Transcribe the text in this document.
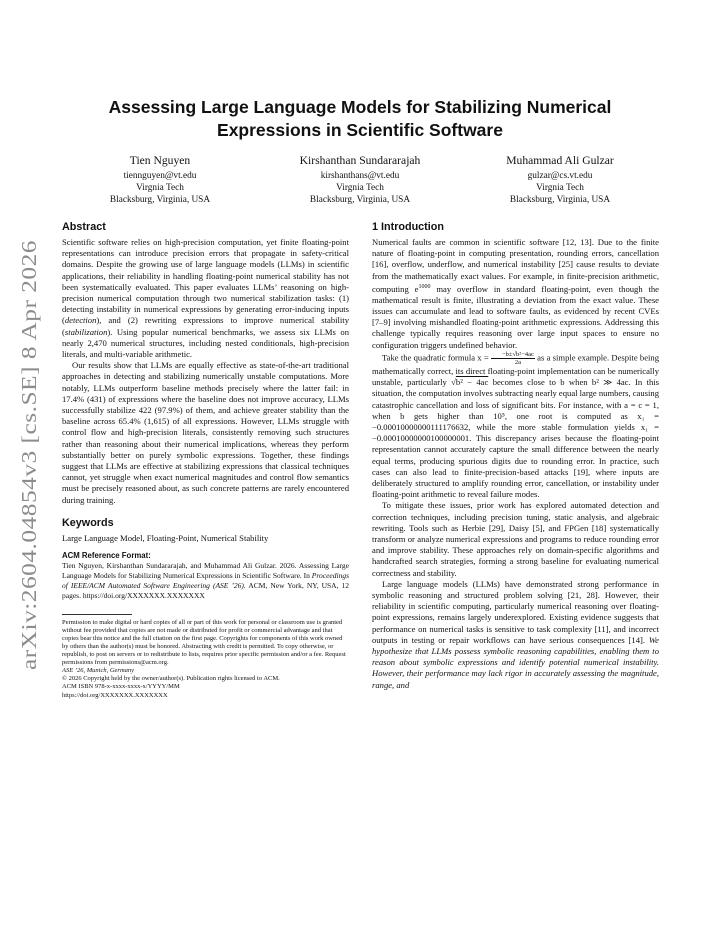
arXiv:2604.04854v3 [cs.SE] 8 Apr 2026
Assessing Large Language Models for Stabilizing Numerical
Expressions in Scientific Software
Tien Nguyen
tiennguyen@vt.edu
Virgnia Tech
Blacksburg, Virginia, USA
Kirshanthan Sundararajah
kirshanthans@vt.edu
Virgnia Tech
Blacksburg, Virginia, USA
Muhammad Ali Gulzar
gulzar@cs.vt.edu
Virgnia Tech
Blacksburg, Virginia, USA
Abstract

Scientific software relies on high-precision computation, yet finite floating-point representations can introduce precision errors that propagate in safety-critical domains. Despite the growing use of large language models (LLMs) in scientific applications, their reliability in handling floating-point numerical stability has not been systematically evaluated. This paper evaluates LLMs’ reasoning on high-precision numerical computation through two numerical stabilization tasks: (1) detecting instability in numerical expressions by generating error-inducing inputs (detection), and (2) rewriting expressions to improve numerical stability (stabilization). Using popular numerical benchmarks, we assess six LLMs on nearly 2,470 numerical structures, including nested conditionals, high-precision literals, and multi-variable arithmetic.

Our results show that LLMs are equally effective as state-of-the-art traditional approaches in detecting and stabilizing numerically unstable computations. More notably, LLMs outperform baseline methods precisely where the latter fail: in 17.4% (431) of expressions where the baseline does not improve accuracy, LLMs successfully stabilize 422 (97.9%) of them, and achieve greater stability than the baseline across 65.4% (1,615) of all expressions. However, LLMs struggle with control flow and high-precision literals, consistently removing such structures rather than reasoning about their numerical implications, whereas they perform substantially better on purely symbolic expressions. Together, these findings suggest that LLMs are effective at stabilizing expressions that classical techniques cannot, yet struggle when exact numerical magnitudes and control flow semantics must be precisely reasoned about, as such concrete patterns are rarely encountered during training.

Keywords

Large Language Model, Floating-Point, Numerical Stability

ACM Reference Format:

Tien Nguyen, Kirshanthan Sundararajah, and Muhammad Ali Gulzar. 2026. Assessing Large Language Models for Stabilizing Numerical Expressions in Scientific Software. In Proceedings of IEEE/ACM Automated Software Engineering (ASE ’26). ACM, New York, NY, USA, 12 pages. https://doi.org/XXXXXXX.XXXXXXX

Permission to make digital or hard copies of all or part of this work for personal or classroom use is granted without fee provided that copies are not made or distributed for profit or commercial advantage and that copies bear this notice and the full citation on the first page. Copyrights for components of this work owned by others than the author(s) must be honored. Abstracting with credit is permitted. To copy otherwise, or republish, to post on servers or to redistribute to lists, requires prior specific permission and/or a fee. Request permissions from permissions@acm.org.

ASE ’26, Munich, Germany

© 2026 Copyright held by the owner/author(s). Publication rights licensed to ACM.

ACM ISBN 978-x-xxxx-xxxx-x/YYYY/MM

https://doi.org/XXXXXXX.XXXXXXX

1 Introduction

Numerical faults are common in scientific software [12, 13]. Due to the finite nature of floating-point in computing presentation, rounding errors, cancellation [16], overflow, underflow, and numerical instability [25] cause results to deviate from the mathematically exact values. For example, in finite-precision arithmetic, computing $e^{1000}$ may overflow in standard floating-point, even though the mathematical result is finite, illustrating a deviation from the exact value. These issues can accumulate and lead to software faults, as evidenced by recent CVEs [7–9] involving mishandled floating-point arithmetic expressions. Addressing this challenge typically requires reasoning over large input spaces to ensure no configuration triggers undefined behavior.

Take the quadratic formula $x = \frac{\text{−b±√b²−4ac}}{2a}$ as a simple example. Despite being mathematically correct, its direct floating-point implementation can be numerically unstable, particularly √b² − 4ac becomes close to b when b² ≫ 4ac. In this situation, the computation involves subtracting nearly equal large numbers, causing catastrophic cancellation and loss of significant bits. For instance, with a = c = 1, when b gets higher than 10⁵, one root is computed as x₁ = −0.00010000000111176632, while the more stable formulation yields x₁ = −0.00010000000100000001. This discrepancy arises because the floating-point representation cannot accurately capture the small difference between the nearly equal terms, producing spurious digits due to rounding error. In practice, such cases can also lead to finite-precision-based attacks [19], where inputs are deliberately structured to amplify rounding error, cancellation, or instability under floating-point arithmetic to reveal failure modes.

To mitigate these issues, prior work has explored automated detection and correction techniques, including precision tuning, static analysis, and algebraic rewriting. Tools such as Herbie [29], Daisy [5], and FPGen [18] systematically transform or analyze numerical expressions and programs to reduce rounding error and improve stability. These approaches rely on domain-specific algorithms and handcrafted search strategies, forming a strong baseline for evaluating numerical correctness and stability.

Large language models (LLMs) have demonstrated strong performance in symbolic reasoning and structured problem solving [21, 28]. However, their reliability in scientific computing, particularly numerical reasoning over floating-point expressions, remains largely underexplored. Existing evidence suggests that performance on numerical tasks is sensitive to task complexity [11], and incorrect outputs in testing or repair workflows can have serious consequences [14]. We hypothesize that LLMs possess symbolic reasoning capabilities, enabling them to reason about symbolic expressions and identify potential numerical instability. However, their performance may lack rigor in accurately assessing the magnitude, range, and
